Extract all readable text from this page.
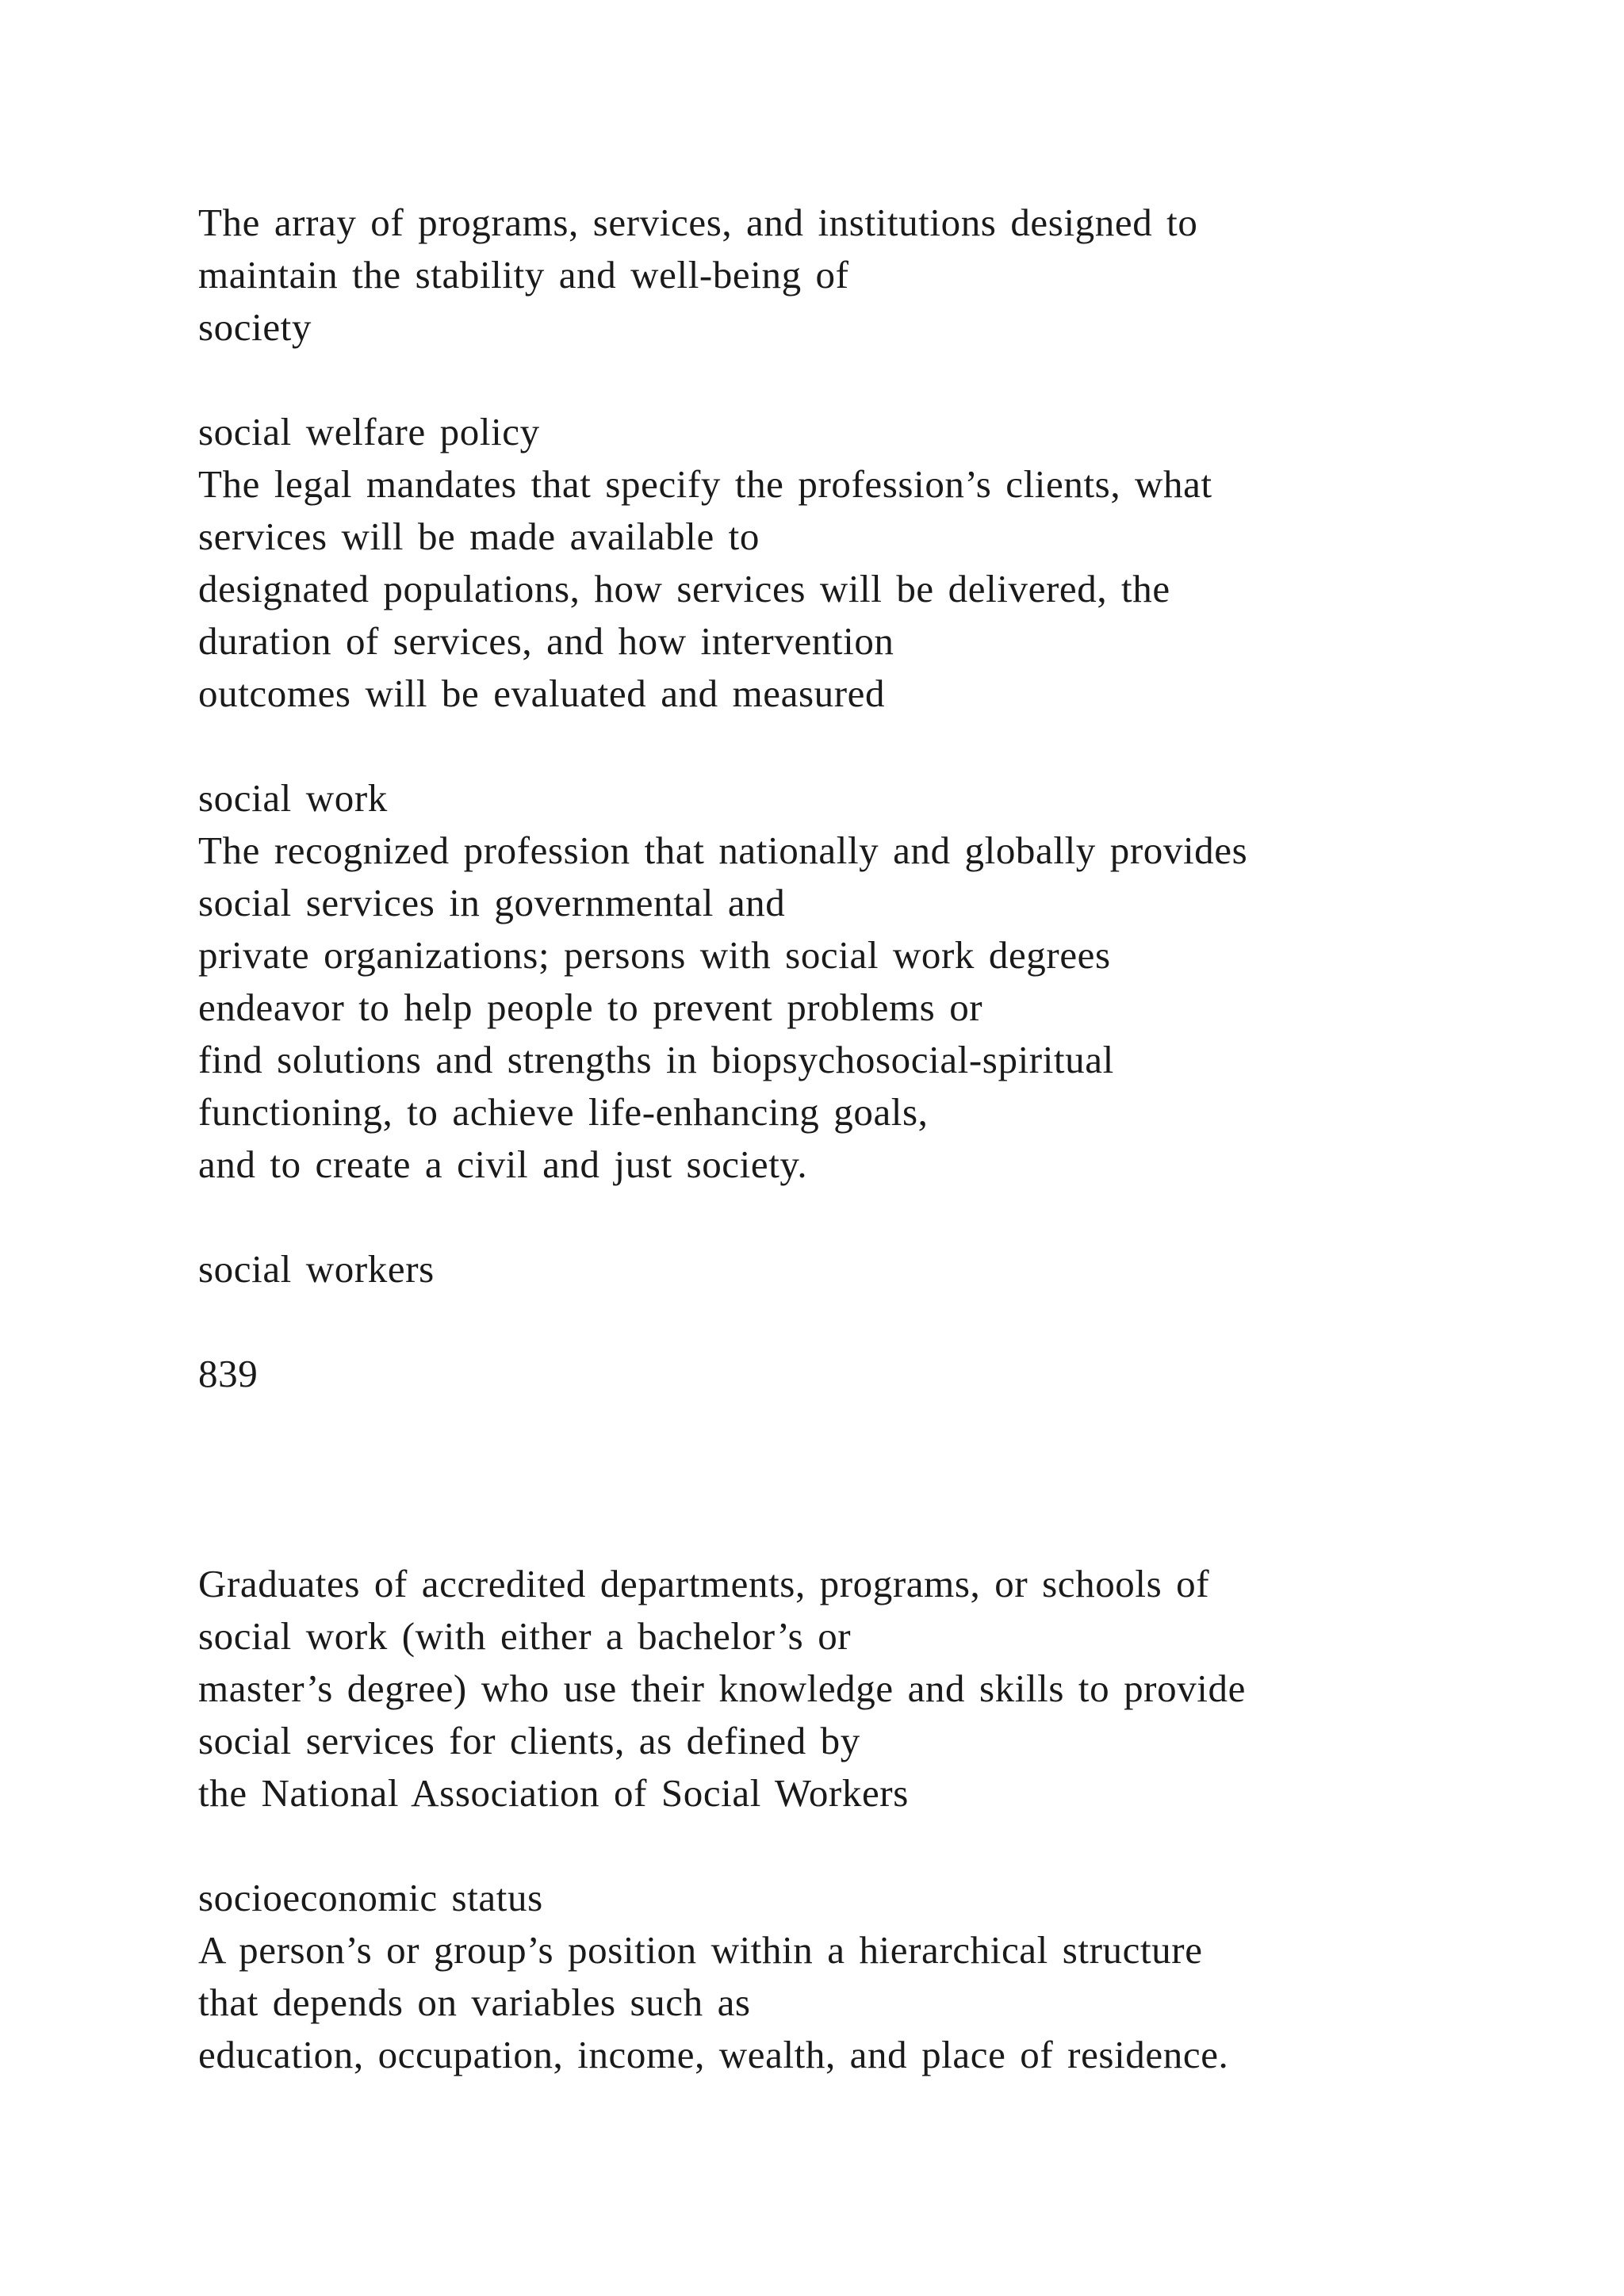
The array of programs, services, and institutions designed to

maintain the stability and well-being of

society

social welfare policy

The legal mandates that specify the profession’s clients, what

services will be made available to

designated populations, how services will be delivered, the

duration of services, and how intervention

outcomes will be evaluated and measured

social work

The recognized profession that nationally and globally provides

social services in governmental and

private organizations; persons with social work degrees

endeavor to help people to prevent problems or

find solutions and strengths in biopsychosocial-spiritual

functioning, to achieve life-enhancing goals,

and to create a civil and just society.

social workers

839

Graduates of accredited departments, programs, or schools of

social work (with either a bachelor’s or

master’s degree) who use their knowledge and skills to provide

social services for clients, as defined by

the National Association of Social Workers

socioeconomic status

A person’s or group’s position within a hierarchical structure

that depends on variables such as

education, occupation, income, wealth, and place of residence.
